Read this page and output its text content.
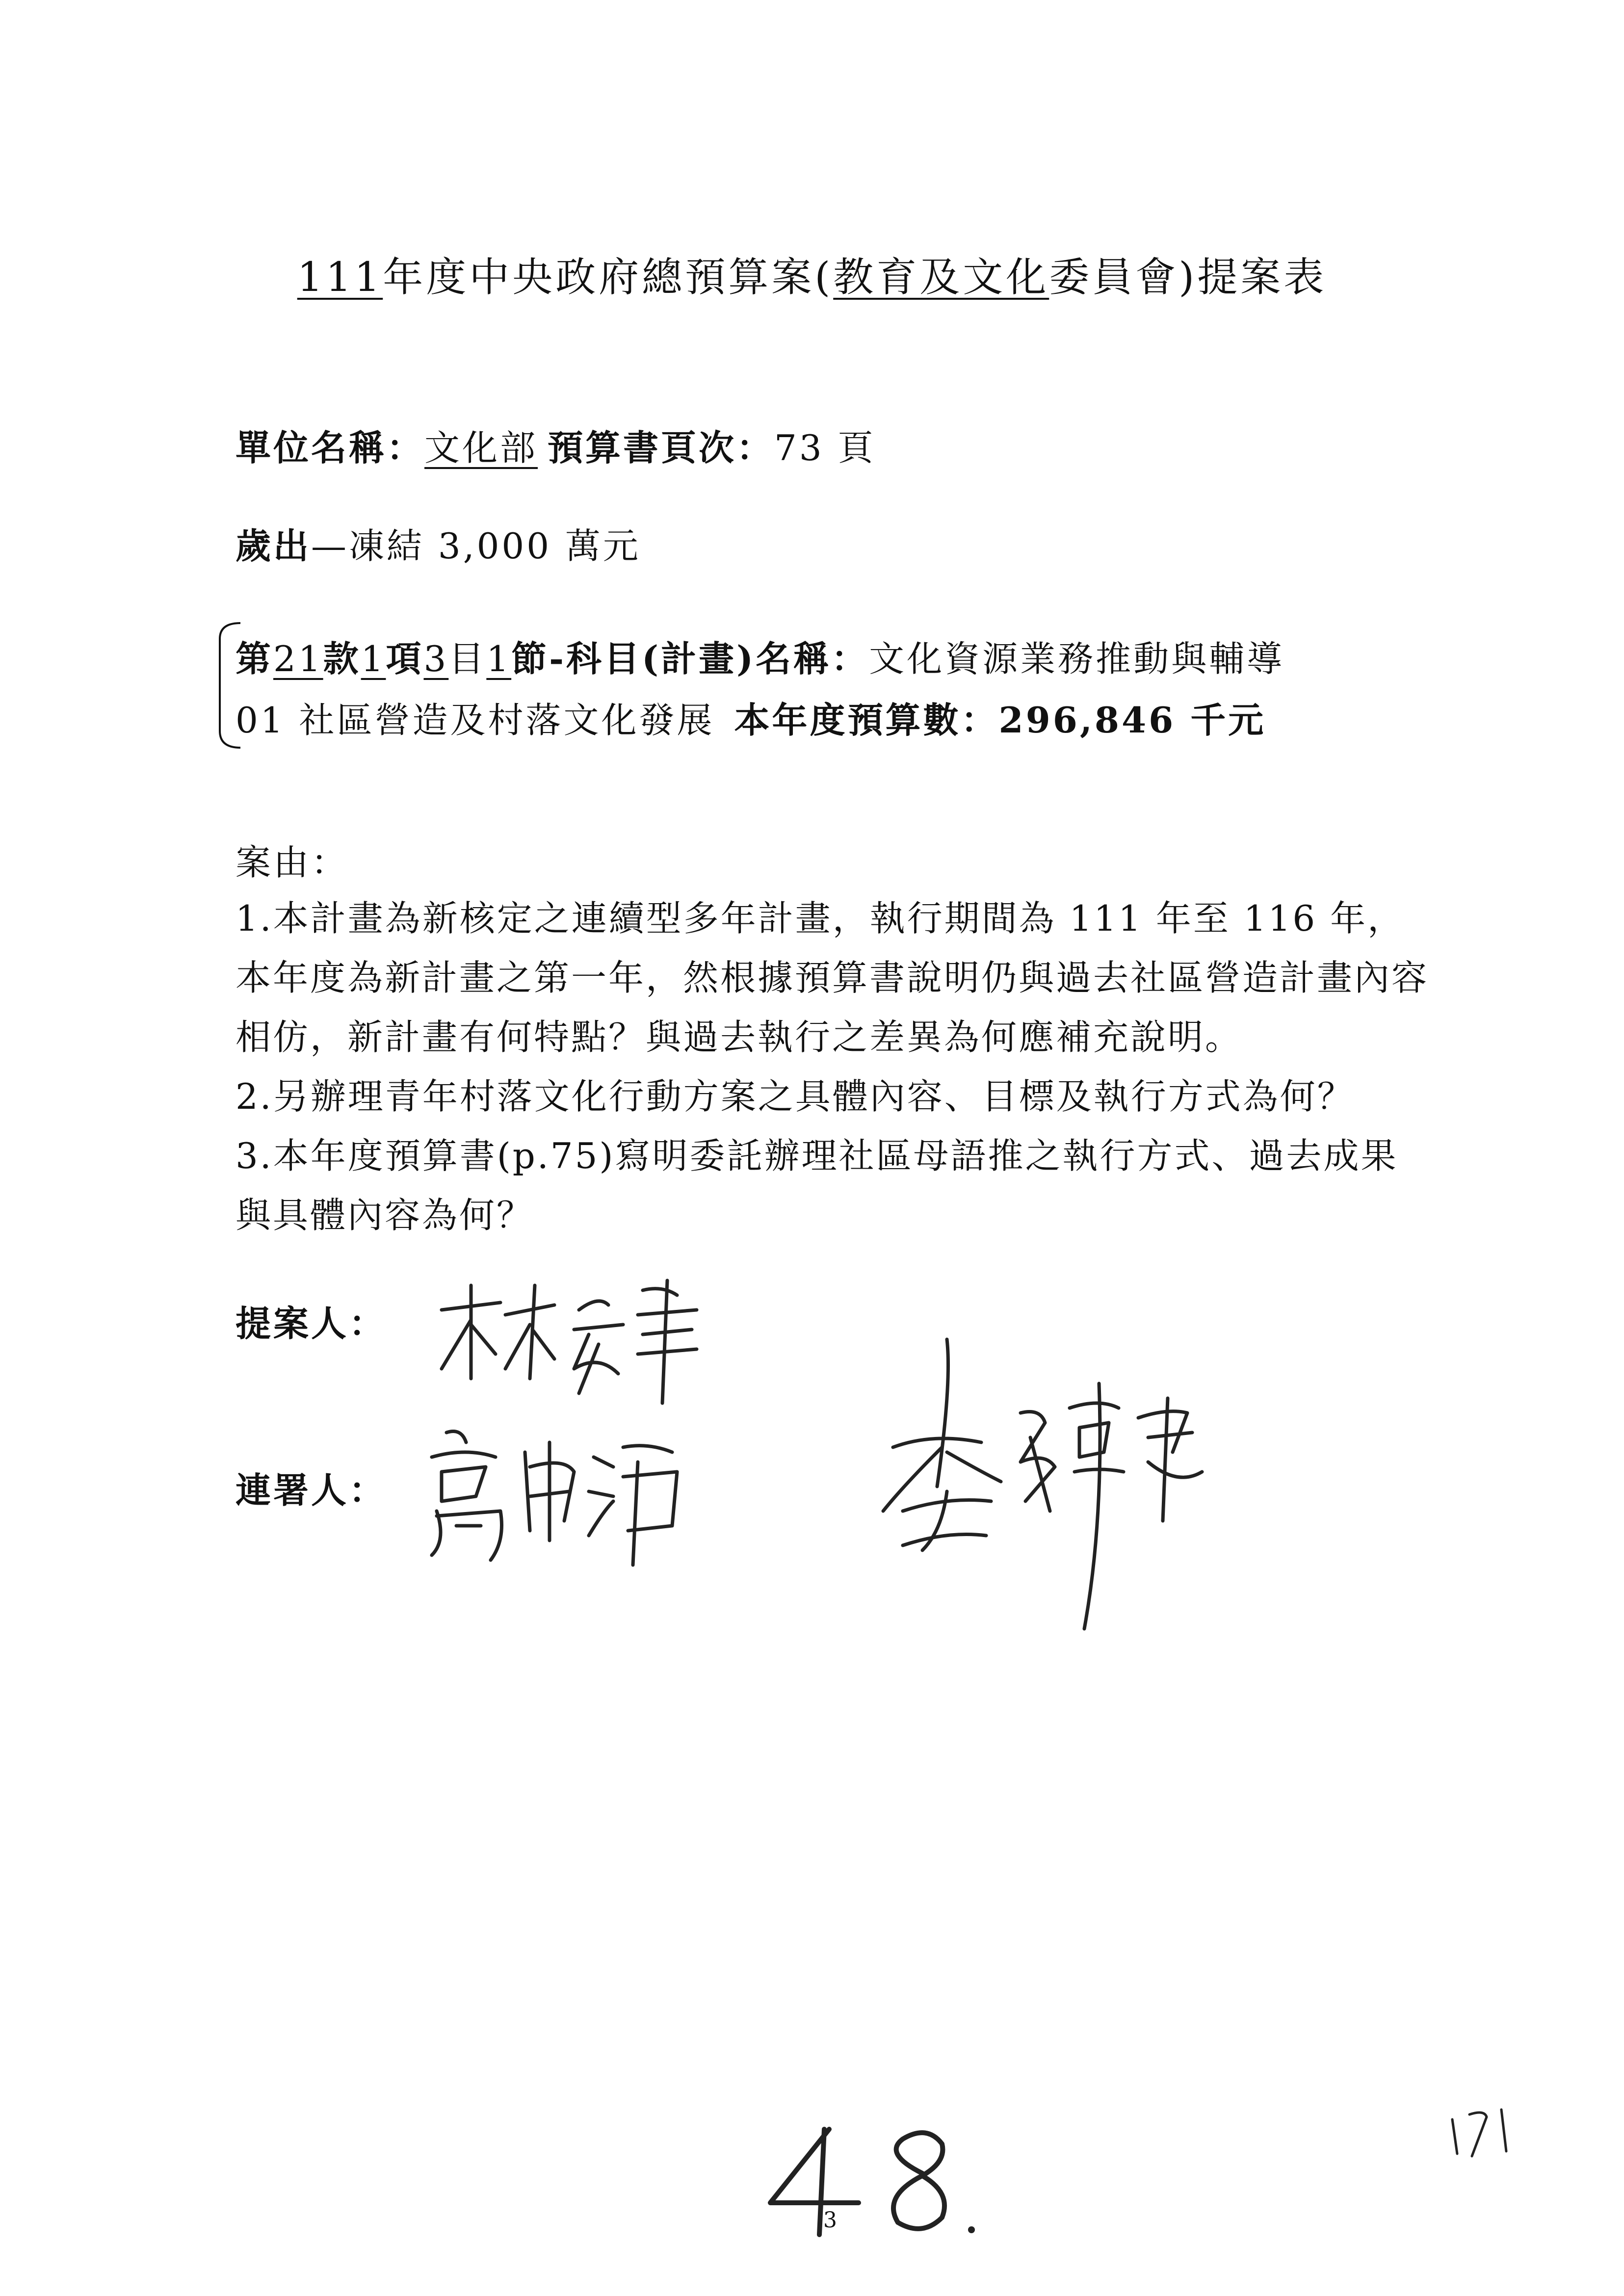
111年度中央政府總預算案(教育及文化委員會)提案表
單位名稱：文化部 預算書頁次：73 頁
歲出—凍結 3,000 萬元
第21款1項3目1節-科目(計畫)名稱：文化資源業務推動與輔導
01 社區營造及村落文化發展 本年度預算數：296,846 千元
案由：

1.本計畫為新核定之連續型多年計畫，執行期間為 111 年至 116 年，本年度為新計畫之第一年，然根據預算書說明仍與過去社區營造計畫內容相仿，新計畫有何特點？與過去執行之差異為何應補充說明。

2.另辦理青年村落文化行動方案之具體內容、目標及執行方式為何？

3.本年度預算書(p.75)寫明委託辦理社區母語推之執行方式、過去成果與具體內容為何？

提案人：
連署人：
3
